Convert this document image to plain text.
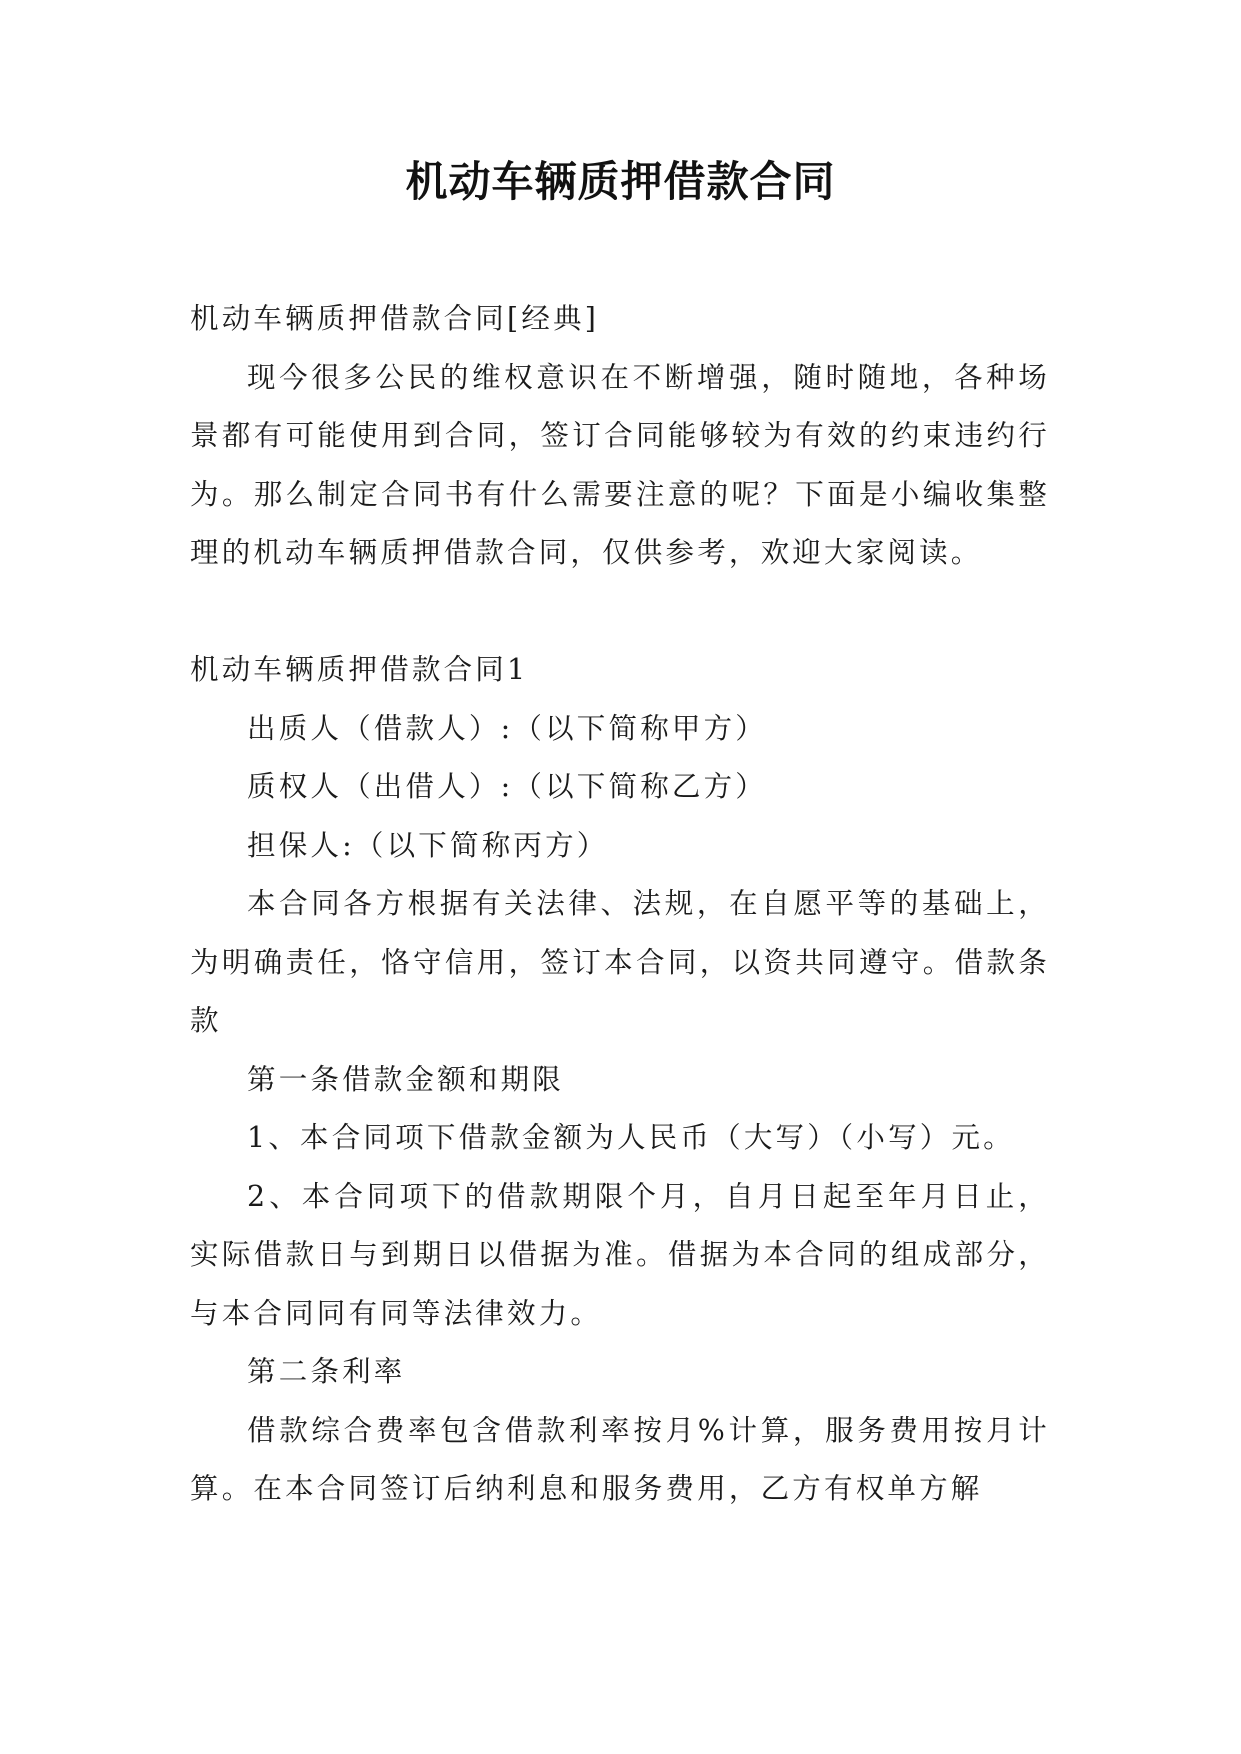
机动车辆质押借款合同

机动车辆质押借款合同[经典]

现今很多公民的维权意识在不断增强，随时随地，各种场景都有可能使用到合同，签订合同能够较为有效的约束违约行为。那么制定合同书有什么需要注意的呢？下面是小编收集整理的机动车辆质押借款合同，仅供参考，欢迎大家阅读。

机动车辆质押借款合同1

出质人（借款人）:（以下简称甲方）

质权人（出借人）:（以下简称乙方）

担保人:（以下简称丙方）

本合同各方根据有关法律、法规，在自愿平等的基础上，为明确责任，恪守信用，签订本合同，以资共同遵守。借款条款

第一条借款金额和期限

1、本合同项下借款金额为人民币（大写）（小写）元。

2、本合同项下的借款期限个月，自月日起至年月日止，实际借款日与到期日以借据为准。借据为本合同的组成部分，与本合同同有同等法律效力。

第二条利率

借款综合费率包含借款利率按月%计算，服务费用按月计算。在本合同签订后纳利息和服务费用，乙方有权单方解
